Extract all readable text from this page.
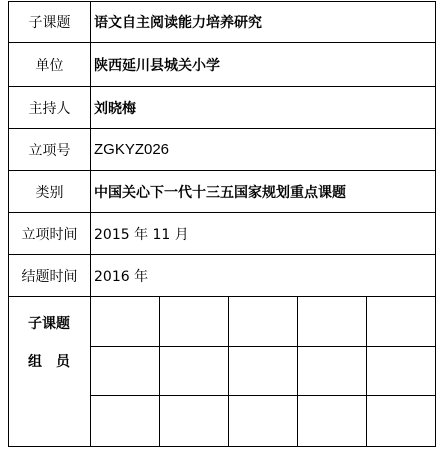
子课题	语文自主阅读能力培养研究
单位	陕西延川县城关小学
主持人	刘晓梅
立项号	ZGKYZ026
类别	中国关心下一代十三五国家规划重点课题
立项时间	2015 年 11 月
结题时间	2016 年
子课题
组　员
